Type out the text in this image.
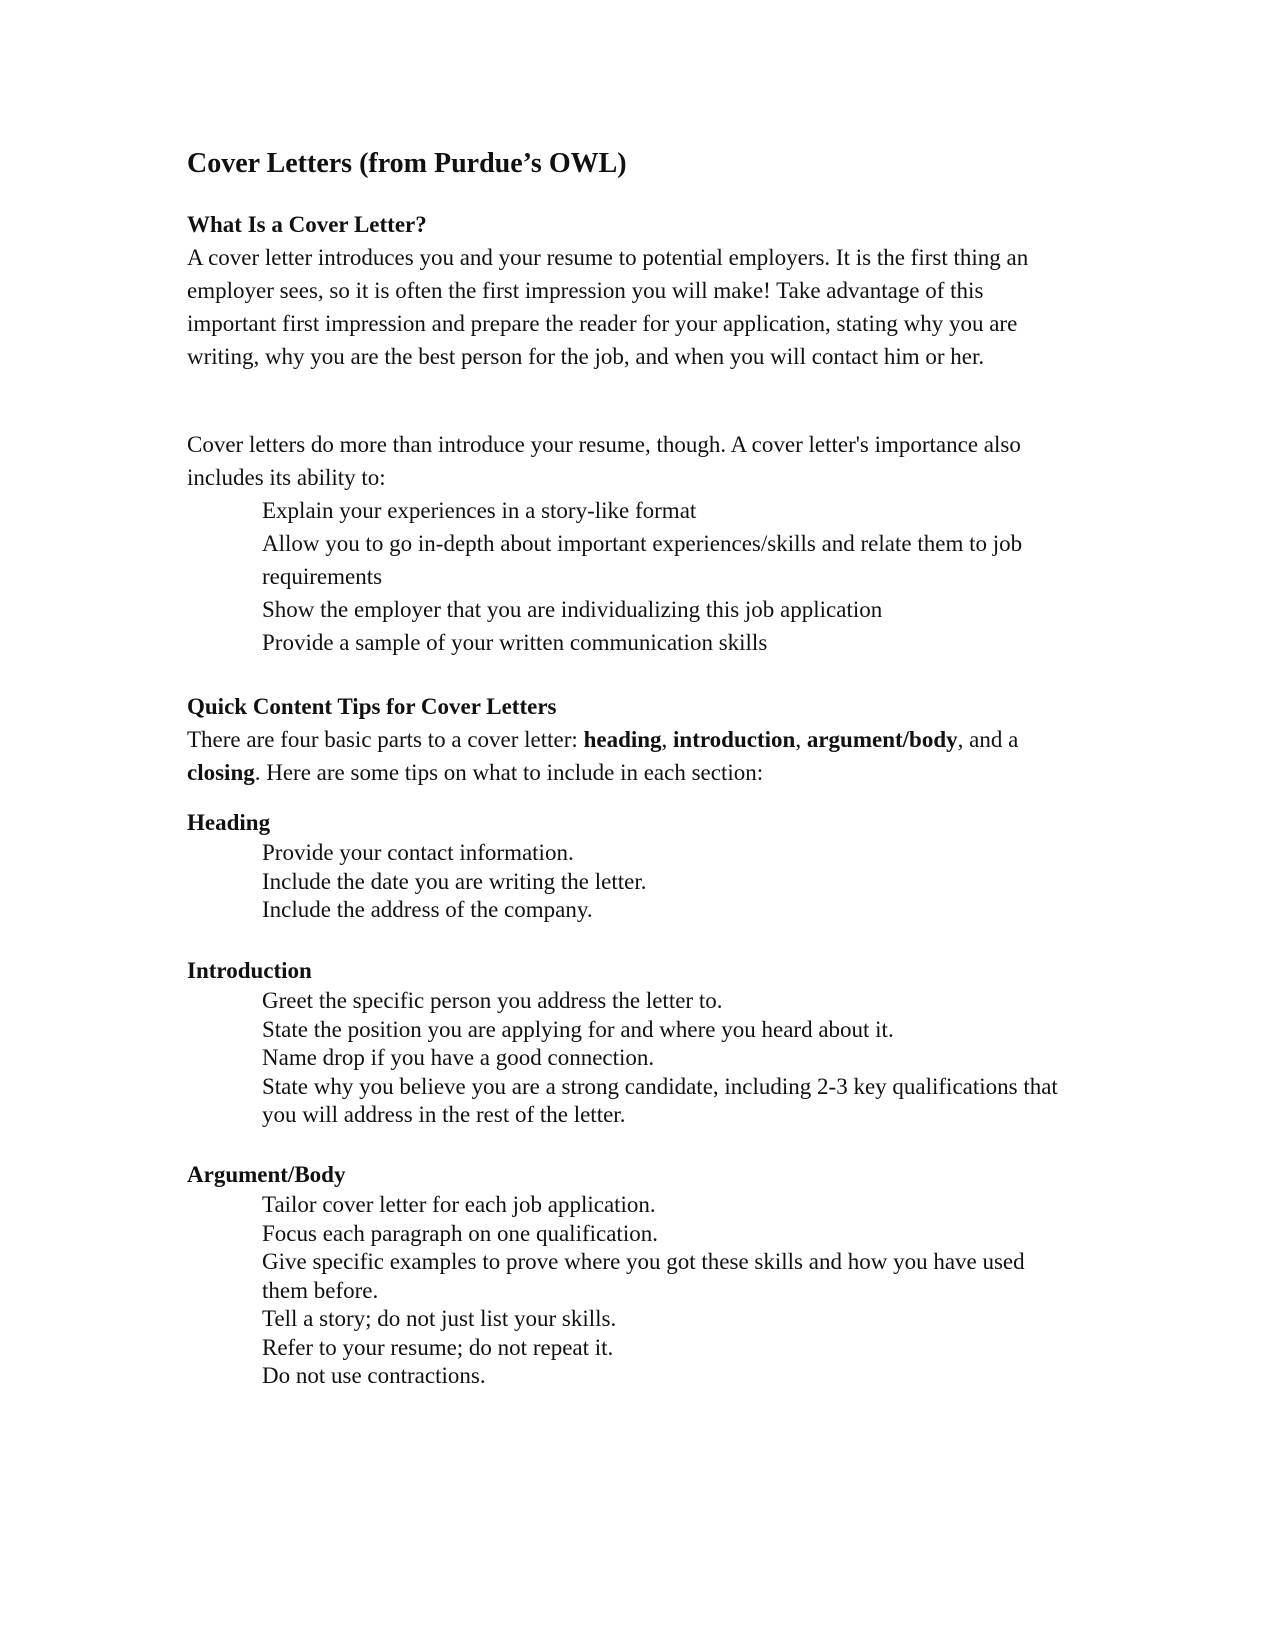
Cover Letters (from Purdue’s OWL)
What Is a Cover Letter?

A cover letter introduces you and your resume to potential employers. It is the first thing an employer sees, so it is often the first impression you will make! Take advantage of this important first impression and prepare the reader for your application, stating why you are writing, why you are the best person for the job, and when you will contact him or her.

Cover letters do more than introduce your resume, though. A cover letter's importance also includes its ability to:

Explain your experiences in a story-like format
Allow you to go in-depth about important experiences/skills and relate them to job requirements
Show the employer that you are individualizing this job application
Provide a sample of your written communication skills
Quick Content Tips for Cover Letters

There are four basic parts to a cover letter: heading, introduction, argument/body, and a closing. Here are some tips on what to include in each section:

Heading
Provide your contact information.
Include the date you are writing the letter.
Include the address of the company.
Introduction
Greet the specific person you address the letter to.
State the position you are applying for and where you heard about it.
Name drop if you have a good connection.
State why you believe you are a strong candidate, including 2-3 key qualifications that you will address in the rest of the letter.
Argument/Body
Tailor cover letter for each job application.
Focus each paragraph on one qualification.
Give specific examples to prove where you got these skills and how you have used them before.
Tell a story; do not just list your skills.
Refer to your resume; do not repeat it.
Do not use contractions.
